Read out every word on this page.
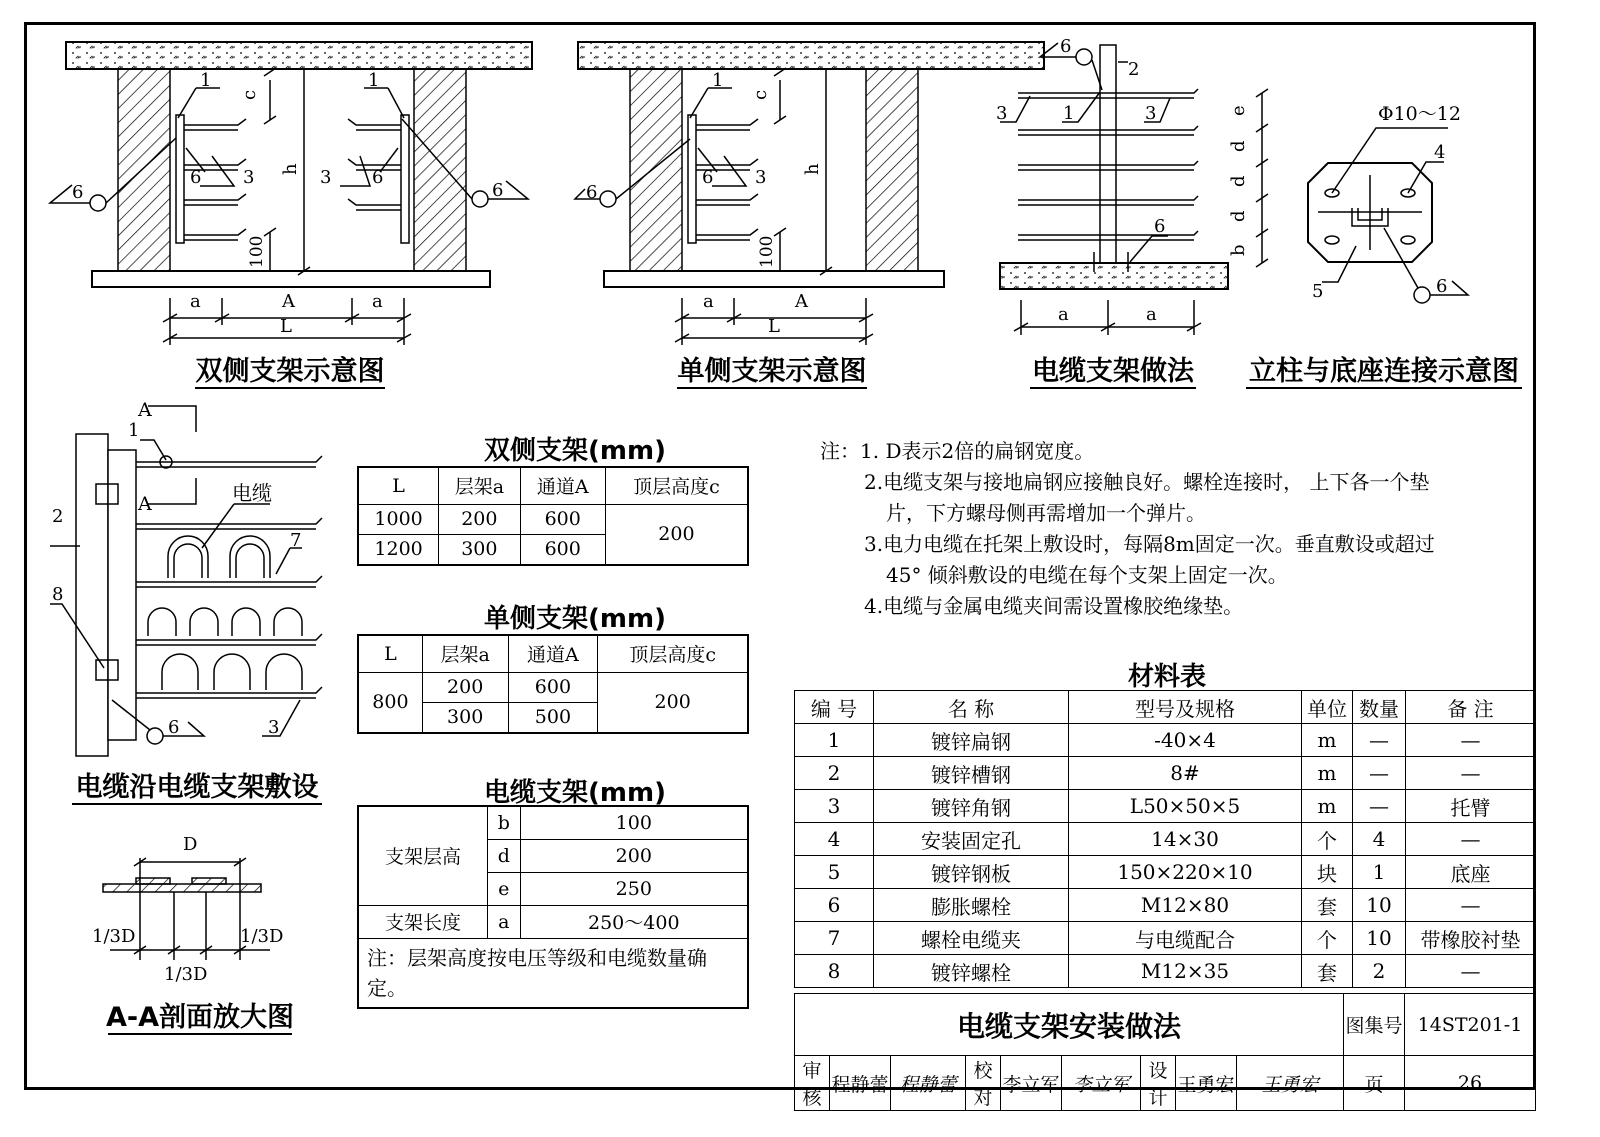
1	1
6	6
3	3
6	6
c
h
100
a	A	a
L
双侧支架示意图
1
6 3
6
c
h
100
a	A
L
单侧支架示意图
6
2
3	1	3
6
e
d
d
d
b
a	a
电缆支架做法
Φ10～12
4
5	6
立柱与底座连接示意图
A
A
1
电缆
7
2
8
6	3
电缆沿电缆支架敷设
D
1/3D	1/3D
1/3D
A-A剖面放大图
双侧支架(mm)
L	层架a	通道A	顶层高度c
1000	200	600	200
1200	300	600	
单侧支架(mm)
L	层架a	通道A	顶层高度c
800	200	600	200
	300	500	
电缆支架(mm)
支架层高	b	100
	d	200
	e	250
支架长度	a	250～400
注：层架高度按电压等级和电缆数量确定。		
注：1. D表示2倍的扁钢宽度。
2.电缆支架与接地扁钢应接触良好。螺栓连接时， 上下各一个垫
片，下方螺母侧再需增加一个弹片。
3.电力电缆在托架上敷设时，每隔8m固定一次。垂直敷设或超过
45° 倾斜敷设的电缆在每个支架上固定一次。
4.电缆与金属电缆夹间需设置橡胶绝缘垫。
材料表
编 号	名 称	型号及规格	单位	数量	备 注
1	镀锌扁钢	-40×4	m	—	—
2	镀锌槽钢	8#	m	—	—
3	镀锌角钢	L50×50×5	m	—	托臂
4	安装固定孔	14×30	个	4	—
5	镀锌钢板	150×220×10	块	1	底座
6	膨胀螺栓	M12×80	套	10	—
7	螺栓电缆夹	与电缆配合	个	10	带橡胶衬垫
8	镀锌螺栓	M12×35	套	2	—
电缆支架安装做法									图集号	14ST201-1
审核	程静蕾	程静蕾	校对	李立军	李立军	设计	王勇宏	王勇宏	页	26
